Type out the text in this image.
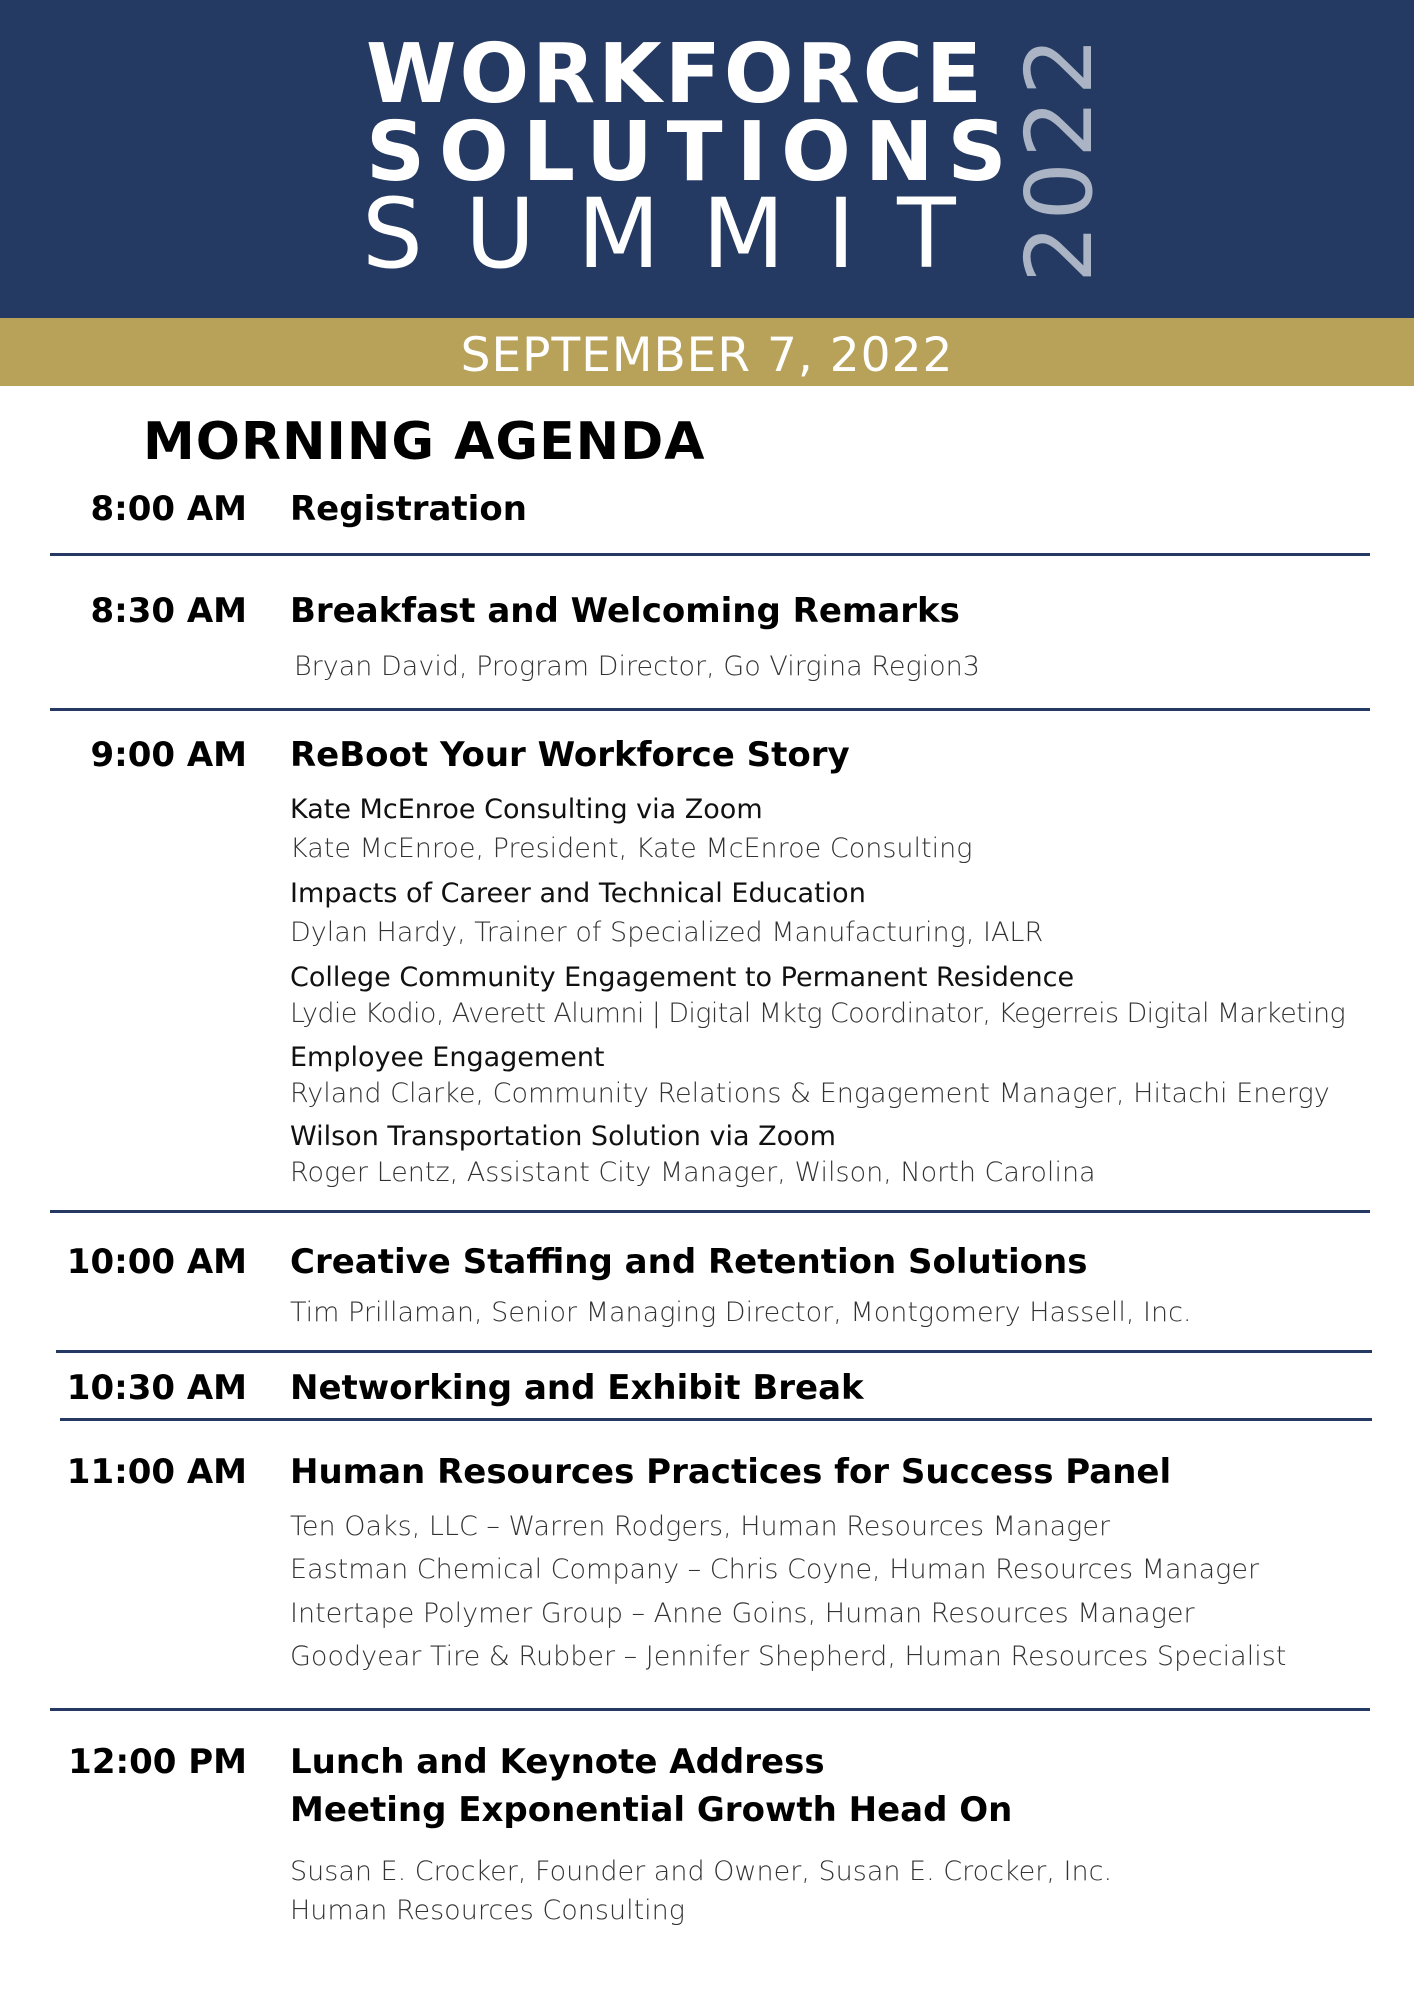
WORKFORCE
SOLUTIONS
SUMMIT 2022
SEPTEMBER 7, 2022
MORNING AGENDA
8:00 AM Registration
8:30 AM Breakfast and Welcoming Remarks
Bryan David, Program Director, Go Virgina Region3
9:00 AM ReBoot Your Workforce Story
Kate McEnroe Consulting via Zoom
Kate McEnroe, President, Kate McEnroe Consulting
Impacts of Career and Technical Education
Dylan Hardy, Trainer of Specialized Manufacturing, IALR
College Community Engagement to Permanent Residence
Lydie Kodio, Averett Alumni | Digital Mktg Coordinator, Kegerreis Digital Marketing
Employee Engagement
Ryland Clarke, Community Relations & Engagement Manager, Hitachi Energy
Wilson Transportation Solution via Zoom
Roger Lentz, Assistant City Manager, Wilson, North Carolina
10:00 AM Creative Staffing and Retention Solutions
Tim Prillaman, Senior Managing Director, Montgomery Hassell, Inc.
10:30 AM Networking and Exhibit Break
11:00 AM Human Resources Practices for Success Panel
Ten Oaks, LLC – Warren Rodgers, Human Resources Manager
Eastman Chemical Company – Chris Coyne, Human Resources Manager
Intertape Polymer Group – Anne Goins, Human Resources Manager
Goodyear Tire & Rubber – Jennifer Shepherd, Human Resources Specialist
12:00 PM Lunch and Keynote Address
Meeting Exponential Growth Head On
Susan E. Crocker, Founder and Owner, Susan E. Crocker, Inc.
Human Resources Consulting
